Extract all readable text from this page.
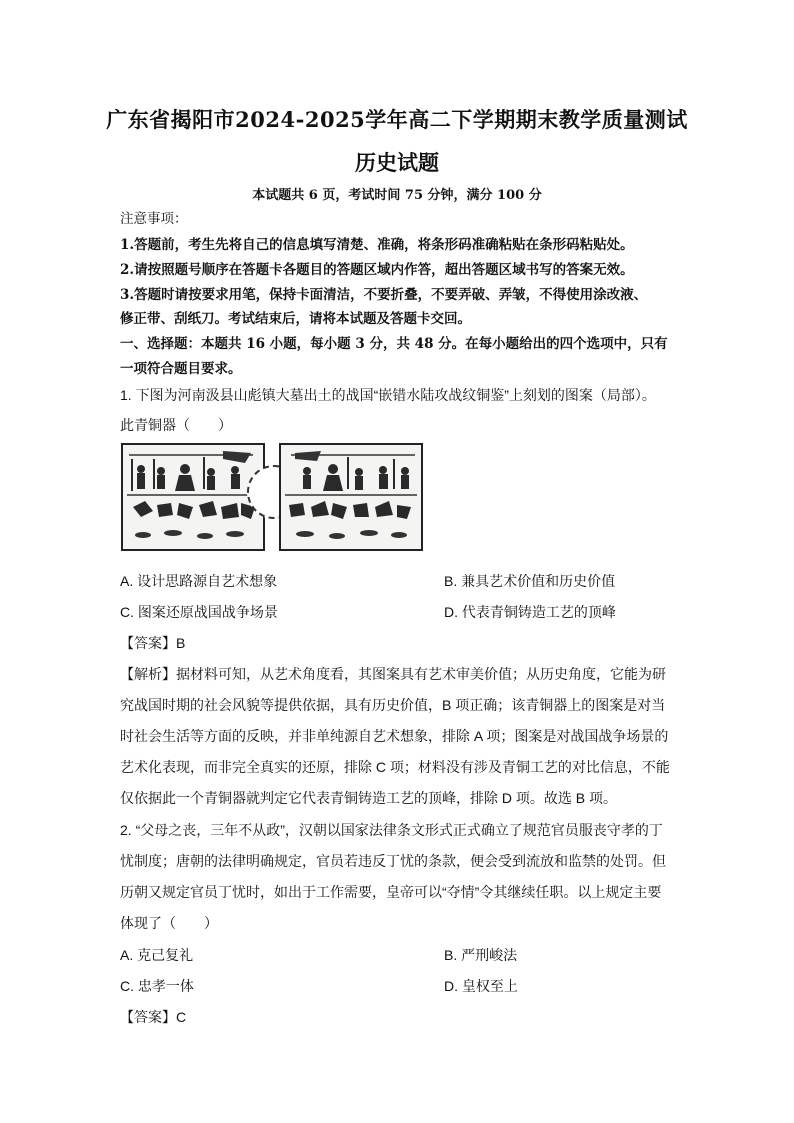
广东省揭阳市2024-2025学年高二下学期期末教学质量测试
历史试题
本试题共 6 页，考试时间 75 分钟，满分 100 分
注意事项：
1.答题前，考生先将自己的信息填写清楚、准确，将条形码准确粘贴在条形码粘贴处。
2.请按照题号顺序在答题卡各题目的答题区域内作答，超出答题区域书写的答案无效。
3.答题时请按要求用笔，保持卡面清洁，不要折叠，不要弄破、弄皱，不得使用涂改液、
修正带、刮纸刀。考试结束后，请将本试题及答题卡交回。
一、选择题：本题共 16 小题，每小题 3 分，共 48 分。在每小题给出的四个选项中，只有
一项符合题目要求。
1. 下图为河南汲县山彪镇大墓出土的战国“嵌错水陆攻战纹铜鉴”上刻划的图案（局部）。
此青铜器（　　）
A. 设计思路源自艺术想象	B. 兼具艺术价值和历史价值
C. 图案还原战国战争场景	D. 代表青铜铸造工艺的顶峰
【答案】B
【解析】据材料可知，从艺术角度看，其图案具有艺术审美价值；从历史角度，它能为研
究战国时期的社会风貌等提供依据，具有历史价值，B 项正确；该青铜器上的图案是对当
时社会生活等方面的反映，并非单纯源自艺术想象，排除 A 项；图案是对战国战争场景的
艺术化表现，而非完全真实的还原，排除 C 项；材料没有涉及青铜工艺的对比信息，不能
仅依据此一个青铜器就判定它代表青铜铸造工艺的顶峰，排除 D 项。故选 B 项。
2. “父母之丧，三年不从政”，汉朝以国家法律条文形式正式确立了规范官员服丧守孝的丁
忧制度；唐朝的法律明确规定，官员若违反丁忧的条款，便会受到流放和监禁的处罚。但
历朝又规定官员丁忧时，如出于工作需要，皇帝可以“夺情”令其继续任职。以上规定主要
体现了（　　）
A. 克己复礼	B. 严刑峻法
C. 忠孝一体	D. 皇权至上
【答案】C
